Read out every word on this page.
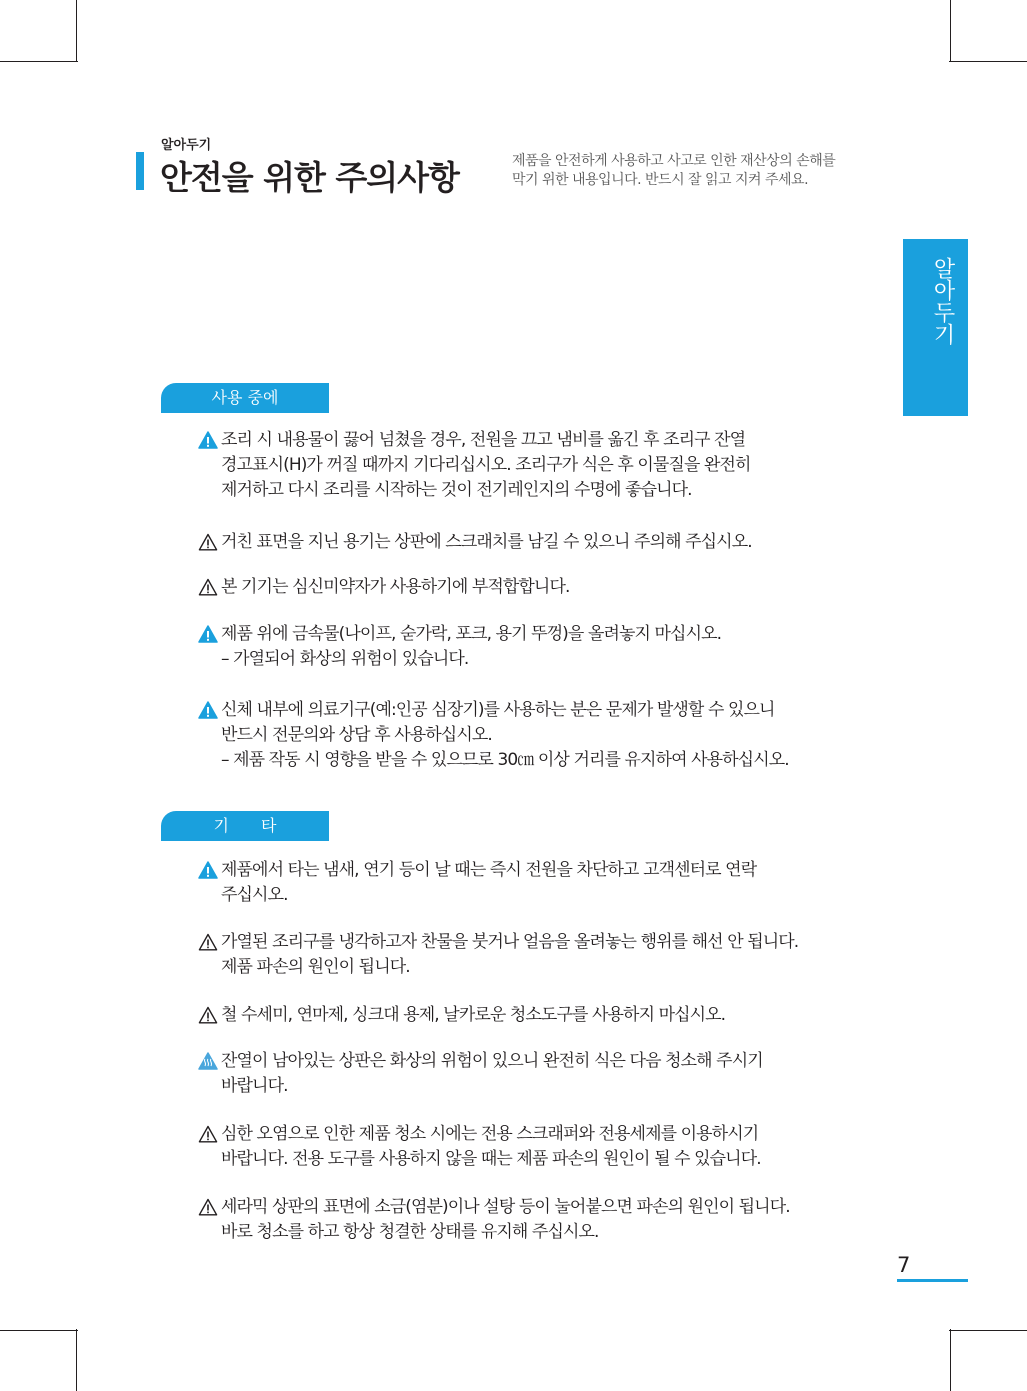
알아두기
안전을 위한 주의사항	제품을 안전하게 사용하고 사고로 인한 재산상의 손해를
막기 위한 내용입니다. 반드시 잘 읽고 지켜 주세요.
알아두기
사용 중에
조리 시 내용물이 끓어 넘쳤을 경우, 전원을 끄고 냄비를 옮긴 후 조리구 잔열
경고표시(H)가 꺼질 때까지 기다리십시오. 조리구가 식은 후 이물질을 완전히
제거하고 다시 조리를 시작하는 것이 전기레인지의 수명에 좋습니다.
거친 표면을 지닌 용기는 상판에 스크래치를 남길 수 있으니 주의해 주십시오.
본 기기는 심신미약자가 사용하기에 부적합합니다.
제품 위에 금속물(나이프, 숟가락, 포크, 용기 뚜껑)을 올려놓지 마십시오.
– 가열되어 화상의 위험이 있습니다.
신체 내부에 의료기구(예:인공 심장기)를 사용하는 분은 문제가 발생할 수 있으니
반드시 전문의와 상담 후 사용하십시오.
– 제품 작동 시 영향을 받을 수 있으므로 30㎝ 이상 거리를 유지하여 사용하십시오.
기　　타
제품에서 타는 냄새, 연기 등이 날 때는 즉시 전원을 차단하고 고객센터로 연락
주십시오.
가열된 조리구를 냉각하고자 찬물을 붓거나 얼음을 올려놓는 행위를 해선 안 됩니다.
제품 파손의 원인이 됩니다.
철 수세미, 연마제, 싱크대 용제, 날카로운 청소도구를 사용하지 마십시오.
잔열이 남아있는 상판은 화상의 위험이 있으니 완전히 식은 다음 청소해 주시기
바랍니다.
심한 오염으로 인한 제품 청소 시에는 전용 스크래퍼와 전용세제를 이용하시기
바랍니다. 전용 도구를 사용하지 않을 때는 제품 파손의 원인이 될 수 있습니다.
세라믹 상판의 표면에 소금(염분)이나 설탕 등이 눌어붙으면 파손의 원인이 됩니다.
바로 청소를 하고 항상 청결한 상태를 유지해 주십시오.
7
